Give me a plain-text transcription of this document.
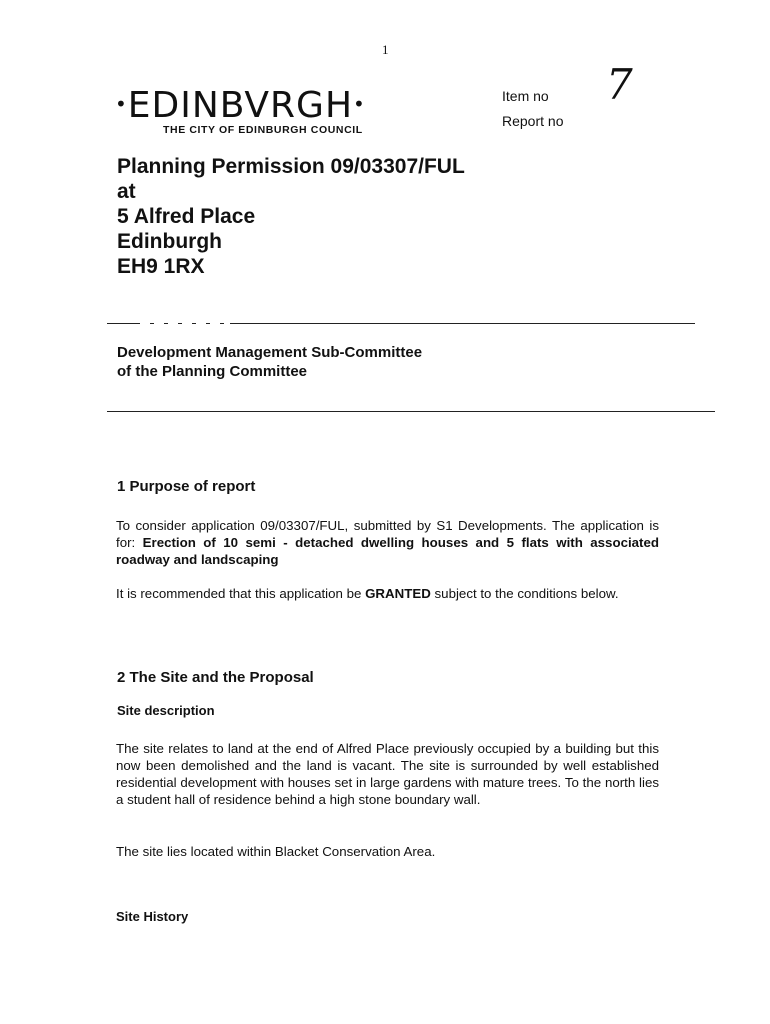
1
•EDINBVRGH•
THE CITY OF EDINBURGH COUNCIL
Item no
Report no
7
Planning Permission 09/03307/FUL
at
5 Alfred Place
Edinburgh
EH9 1RX
Development Management Sub-Committee
of the Planning Committee
1 Purpose of report
To consider application 09/03307/FUL, submitted by S1 Developments. The application is for: Erection of 10 semi - detached dwelling houses and 5 flats with associated roadway and landscaping
It is recommended that this application be GRANTED subject to the conditions below.
2 The Site and the Proposal
Site description
The site relates to land at the end of Alfred Place previously occupied by a building but this now been demolished and the land is vacant. The site is surrounded by well established residential development with houses set in large gardens with mature trees. To the north lies a student hall of residence behind a high stone boundary wall.
The site lies located within Blacket Conservation Area.
Site History
